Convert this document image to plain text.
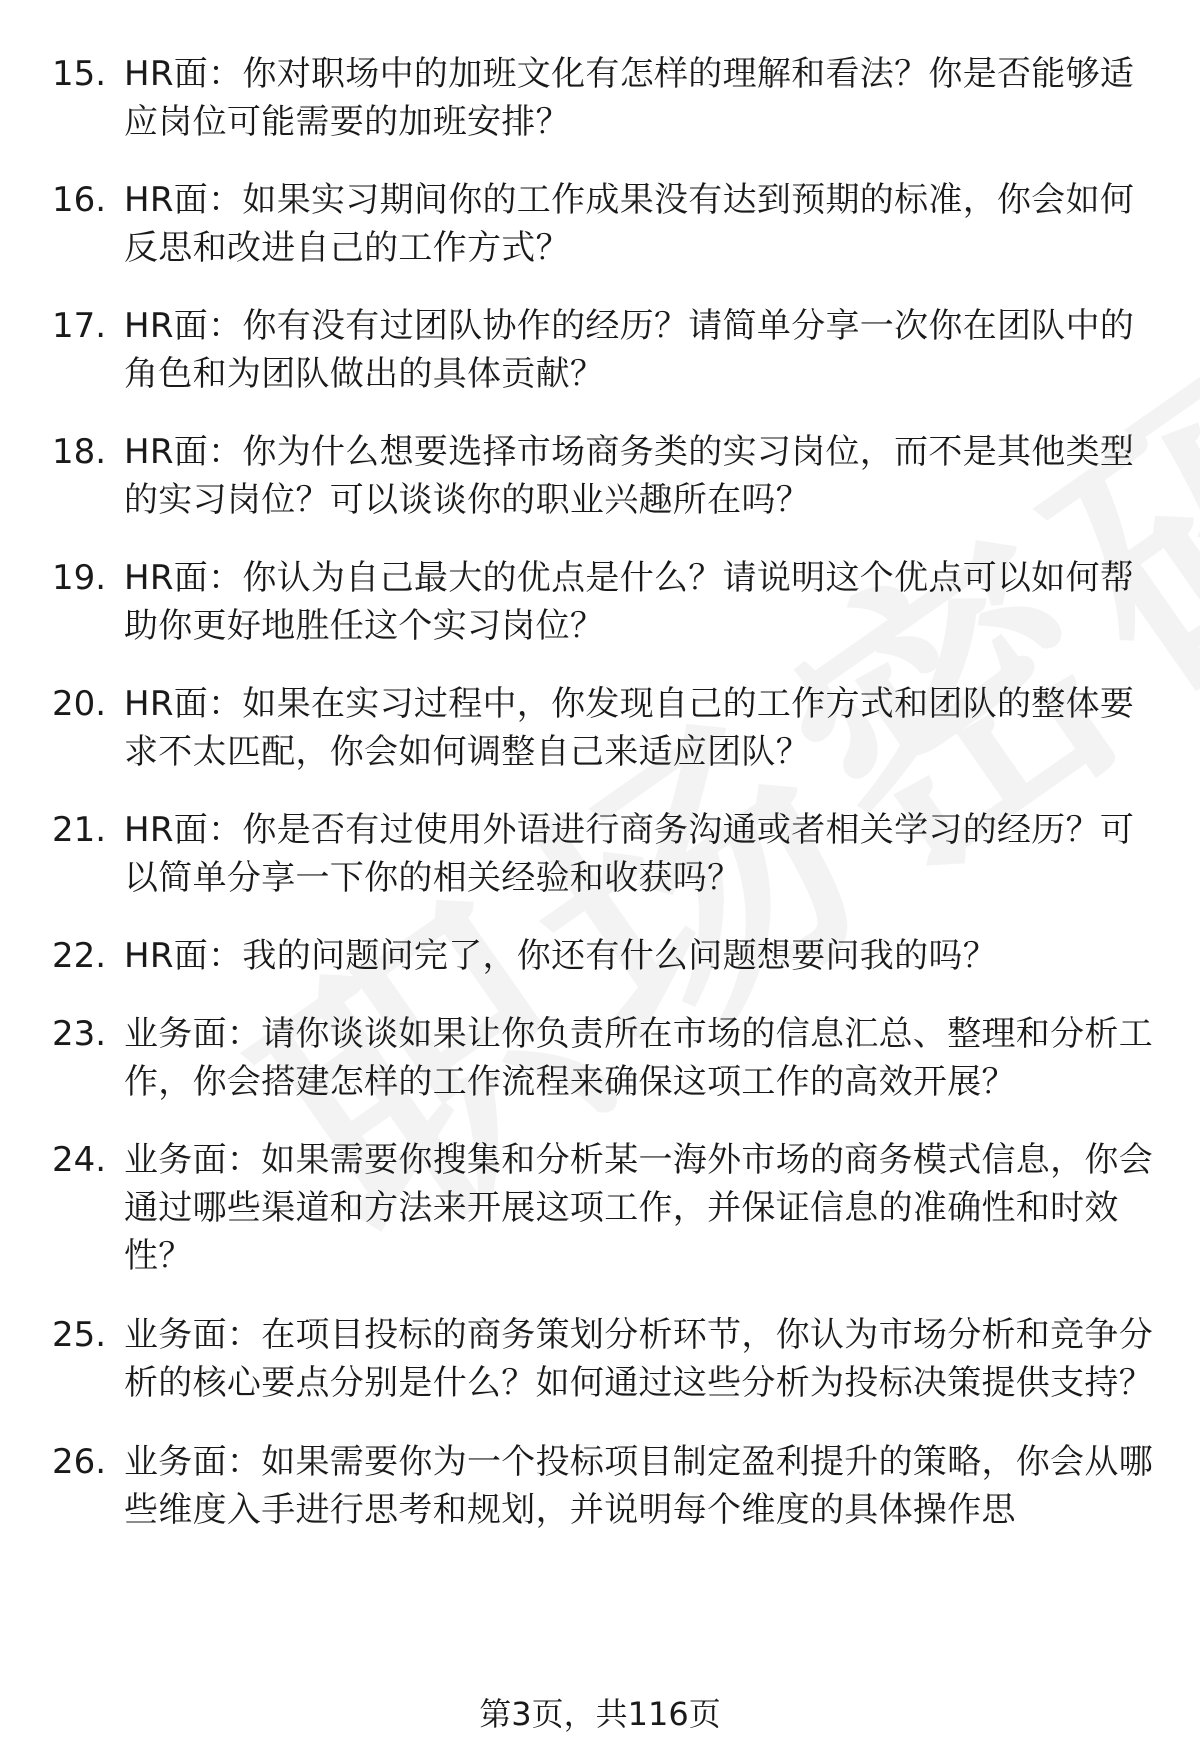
15. HR面：你对职场中的加班文化有怎样的理解和看法？你是否能够适应岗位可能需要的加班安排？
16. HR面：如果实习期间你的工作成果没有达到预期的标准，你会如何反思和改进自己的工作方式？
17. HR面：你有没有过团队协作的经历？请简单分享一次你在团队中的角色和为团队做出的具体贡献？
18. HR面：你为什么想要选择市场商务类的实习岗位，而不是其他类型的实习岗位？可以谈谈你的职业兴趣所在吗？
19. HR面：你认为自己最大的优点是什么？请说明这个优点可以如何帮助你更好地胜任这个实习岗位？
20. HR面：如果在实习过程中，你发现自己的工作方式和团队的整体要求不太匹配，你会如何调整自己来适应团队？
21. HR面：你是否有过使用外语进行商务沟通或者相关学习的经历？可以简单分享一下你的相关经验和收获吗？
22. HR面：我的问题问完了，你还有什么问题想要问我的吗？
23. 业务面：请你谈谈如果让你负责所在市场的信息汇总、整理和分析工作，你会搭建怎样的工作流程来确保这项工作的高效开展？
24. 业务面：如果需要你搜集和分析某一海外市场的商务模式信息，你会通过哪些渠道和方法来开展这项工作，并保证信息的准确性和时效性？
25. 业务面：在项目投标的商务策划分析环节，你认为市场分析和竞争分析的核心要点分别是什么？如何通过这些分析为投标决策提供支持？
26. 业务面：如果需要你为一个投标项目制定盈利提升的策略，你会从哪些维度入手进行思考和规划，并说明每个维度的具体操作思
第3页，共116页
